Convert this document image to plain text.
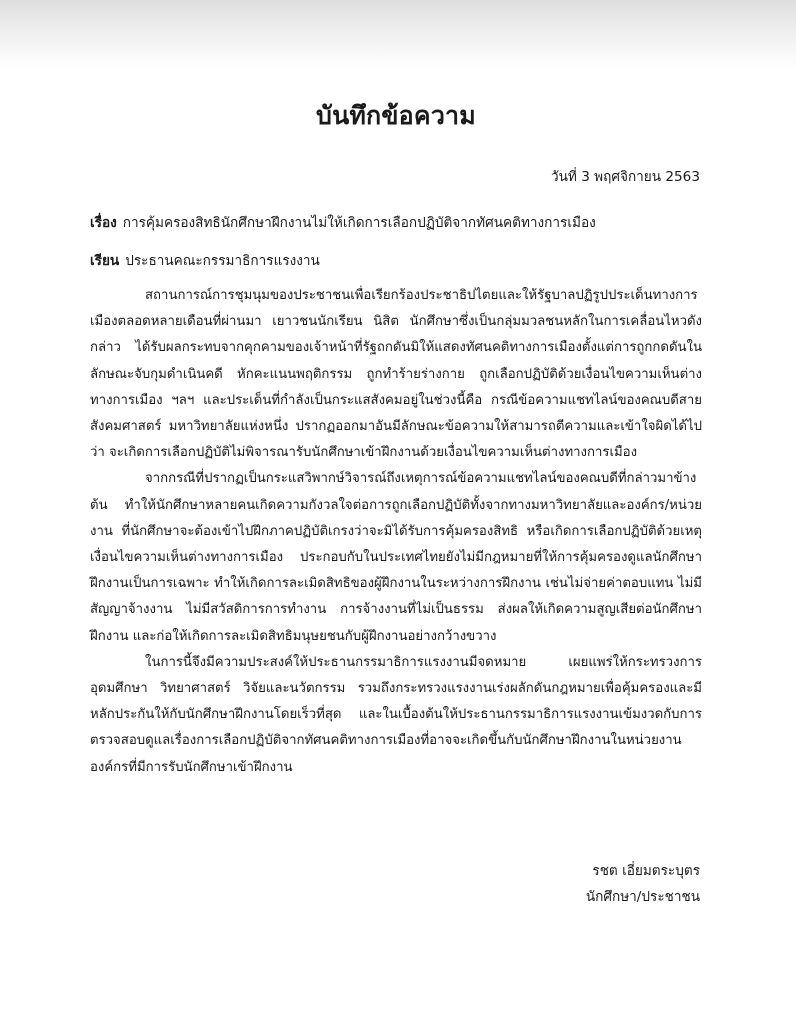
บันทึกข้อความ
วันที่ 3 พฤศจิกายน 2563
เรื่อง การคุ้มครองสิทธินักศึกษาฝึกงานไม่ให้เกิดการเลือกปฏิบัติจากทัศนคติทางการเมือง
เรียน ประธานคณะกรรมาธิการแรงงาน

สถานการณ์การชุมนุมของประชาชนเพื่อเรียกร้องประชาธิปไตยและให้รัฐบาลปฏิรูปประเด็นทางการเมืองตลอดหลายเดือนที่ผ่านมา เยาวชนนักเรียน นิสิต นักศึกษาซึ่งเป็นกลุ่มมวลชนหลักในการเคลื่อนไหวดังกล่าว ได้รับผลกระทบจากคุกคามของเจ้าหน้าที่รัฐถกดันมิให้แสดงทัศนคติทางการเมืองตั้งแต่การถูกกดดันในลักษณะจับกุมดำเนินคดี หักคะแนนพฤติกรรม ถูกทำร้ายร่างกาย ถูกเลือกปฏิบัติด้วยเงื่อนไขความเห็นต่างทางการเมือง ฯลฯ และประเด็นที่กำลังเป็นกระแสสังคมอยู่ในช่วงนี้คือ กรณีข้อความแชทไลน์ของคณบดีสายสังคมศาสตร์ มหาวิทยาลัยแห่งหนึ่ง ปรากฏออกมาอันมีลักษณะข้อความให้สามารถตีความและเข้าใจผิดได้ไปว่า จะเกิดการเลือกปฏิบัติไม่พิจารณารับนักศึกษาเข้าฝึกงานด้วยเงื่อนไขความเห็นต่างทางการเมือง

จากกรณีที่ปรากฏเป็นกระแสวิพากษ์วิจารณ์ถึงเหตุการณ์ข้อความแชทไลน์ของคณบดีที่กล่าวมาข้างต้น ทำให้นักศึกษาหลายคนเกิดความกังวลใจต่อการถูกเลือกปฏิบัติทั้งจากทางมหาวิทยาลัยและองค์กร/หน่วยงาน ที่นักศึกษาจะต้องเข้าไปฝึกภาคปฏิบัติเกรงว่าจะมิได้รับการคุ้มครองสิทธิ หรือเกิดการเลือกปฏิบัติด้วยเหตุเงื่อนไขความเห็นต่างทางการเมือง ประกอบกับในประเทศไทยยังไม่มีกฎหมายที่ให้การคุ้มครองดูแลนักศึกษาฝึกงานเป็นการเฉพาะ ทำให้เกิดการละเมิดสิทธิของผู้ฝึกงานในระหว่างการฝึกงาน เช่นไม่จ่ายค่าตอบแทน ไม่มีสัญญาจ้างงาน ไม่มีสวัสดิการการทำงาน การจ้างงานที่ไม่เป็นธรรม ส่งผลให้เกิดความสูญเสียต่อนักศึกษาฝึกงาน และก่อให้เกิดการละเมิดสิทธิมนุษยชนกับผู้ฝึกงานอย่างกว้างขวาง

ในการนี้จึงมีความประสงค์ให้ประธานกรรมาธิการแรงงานมีจดหมาย เผยแพร่ให้กระทรวงการอุดมศึกษา วิทยาศาสตร์ วิจัยและนวัตกรรม รวมถึงกระทรวงแรงงานเร่งผลักดันกฎหมายเพื่อคุ้มครองและมีหลักประกันให้กับนักศึกษาฝึกงานโดยเร็วที่สุด และในเบื้องต้นให้ประธานกรรมาธิการแรงงานเข้มงวดกับการตรวจสอบดูแลเรื่องการเลือกปฏิบัติจากทัศนคติทางการเมืองที่อาจจะเกิดขึ้นกับนักศึกษาฝึกงานในหน่วยงานองค์กรที่มีการรับนักศึกษาเข้าฝึกงาน

รชต เอี่ยมตระบุตร
นักศึกษา/ประชาชน
